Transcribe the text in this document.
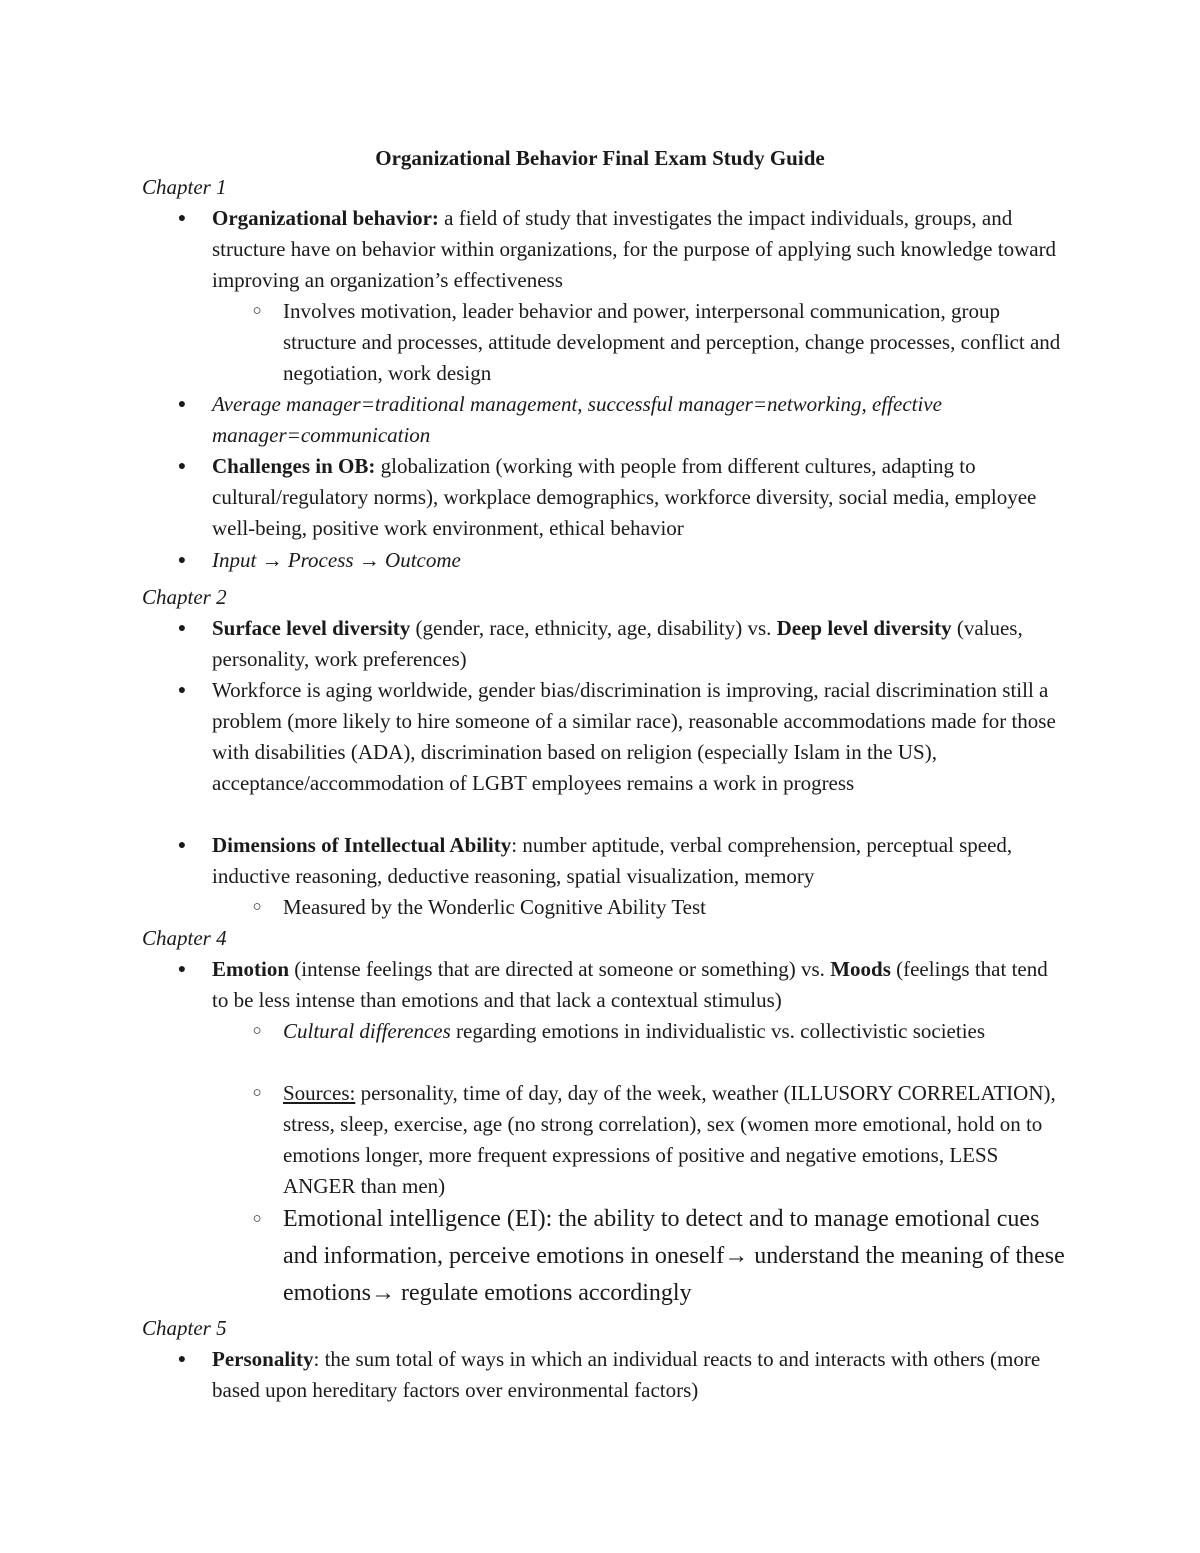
Organizational Behavior Final Exam Study Guide

Chapter 1

● Organizational behavior: a field of study that investigates the impact individuals, groups, and structure have on behavior within organizations, for the purpose of applying such knowledge toward improving an organization’s effectiveness
○ Involves motivation, leader behavior and power, interpersonal communication, group structure and processes, attitude development and perception, change processes, conflict and negotiation, work design
● Average manager=traditional management, successful manager=networking, effective manager=communication
● Challenges in OB: globalization (working with people from different cultures, adapting to cultural/regulatory norms), workplace demographics, workforce diversity, social media, employee well-being, positive work environment, ethical behavior
● Input → Process → Outcome

Chapter 2

● Surface level diversity (gender, race, ethnicity, age, disability) vs. Deep level diversity (values, personality, work preferences)
● Workforce is aging worldwide, gender bias/discrimination is improving, racial discrimination still a problem (more likely to hire someone of a similar race), reasonable accommodations made for those with disabilities (ADA), discrimination based on religion (especially Islam in the US), acceptance/accommodation of LGBT employees remains a work in progress
● Dimensions of Intellectual Ability: number aptitude, verbal comprehension, perceptual speed, inductive reasoning, deductive reasoning, spatial visualization, memory
○ Measured by the Wonderlic Cognitive Ability Test

Chapter 4

● Emotion (intense feelings that are directed at someone or something) vs. Moods (feelings that tend to be less intense than emotions and that lack a contextual stimulus)
○ Cultural differences regarding emotions in individualistic vs. collectivistic societies
○ Sources: personality, time of day, day of the week, weather (ILLUSORY CORRELATION), stress, sleep, exercise, age (no strong correlation), sex (women more emotional, hold on to emotions longer, more frequent expressions of positive and negative emotions, LESS ANGER than men)
○ Emotional intelligence (EI): the ability to detect and to manage emotional cues and information, perceive emotions in oneself→ understand the meaning of these emotions→ regulate emotions accordingly

Chapter 5

● Personality: the sum total of ways in which an individual reacts to and interacts with others (more based upon hereditary factors over environmental factors)
